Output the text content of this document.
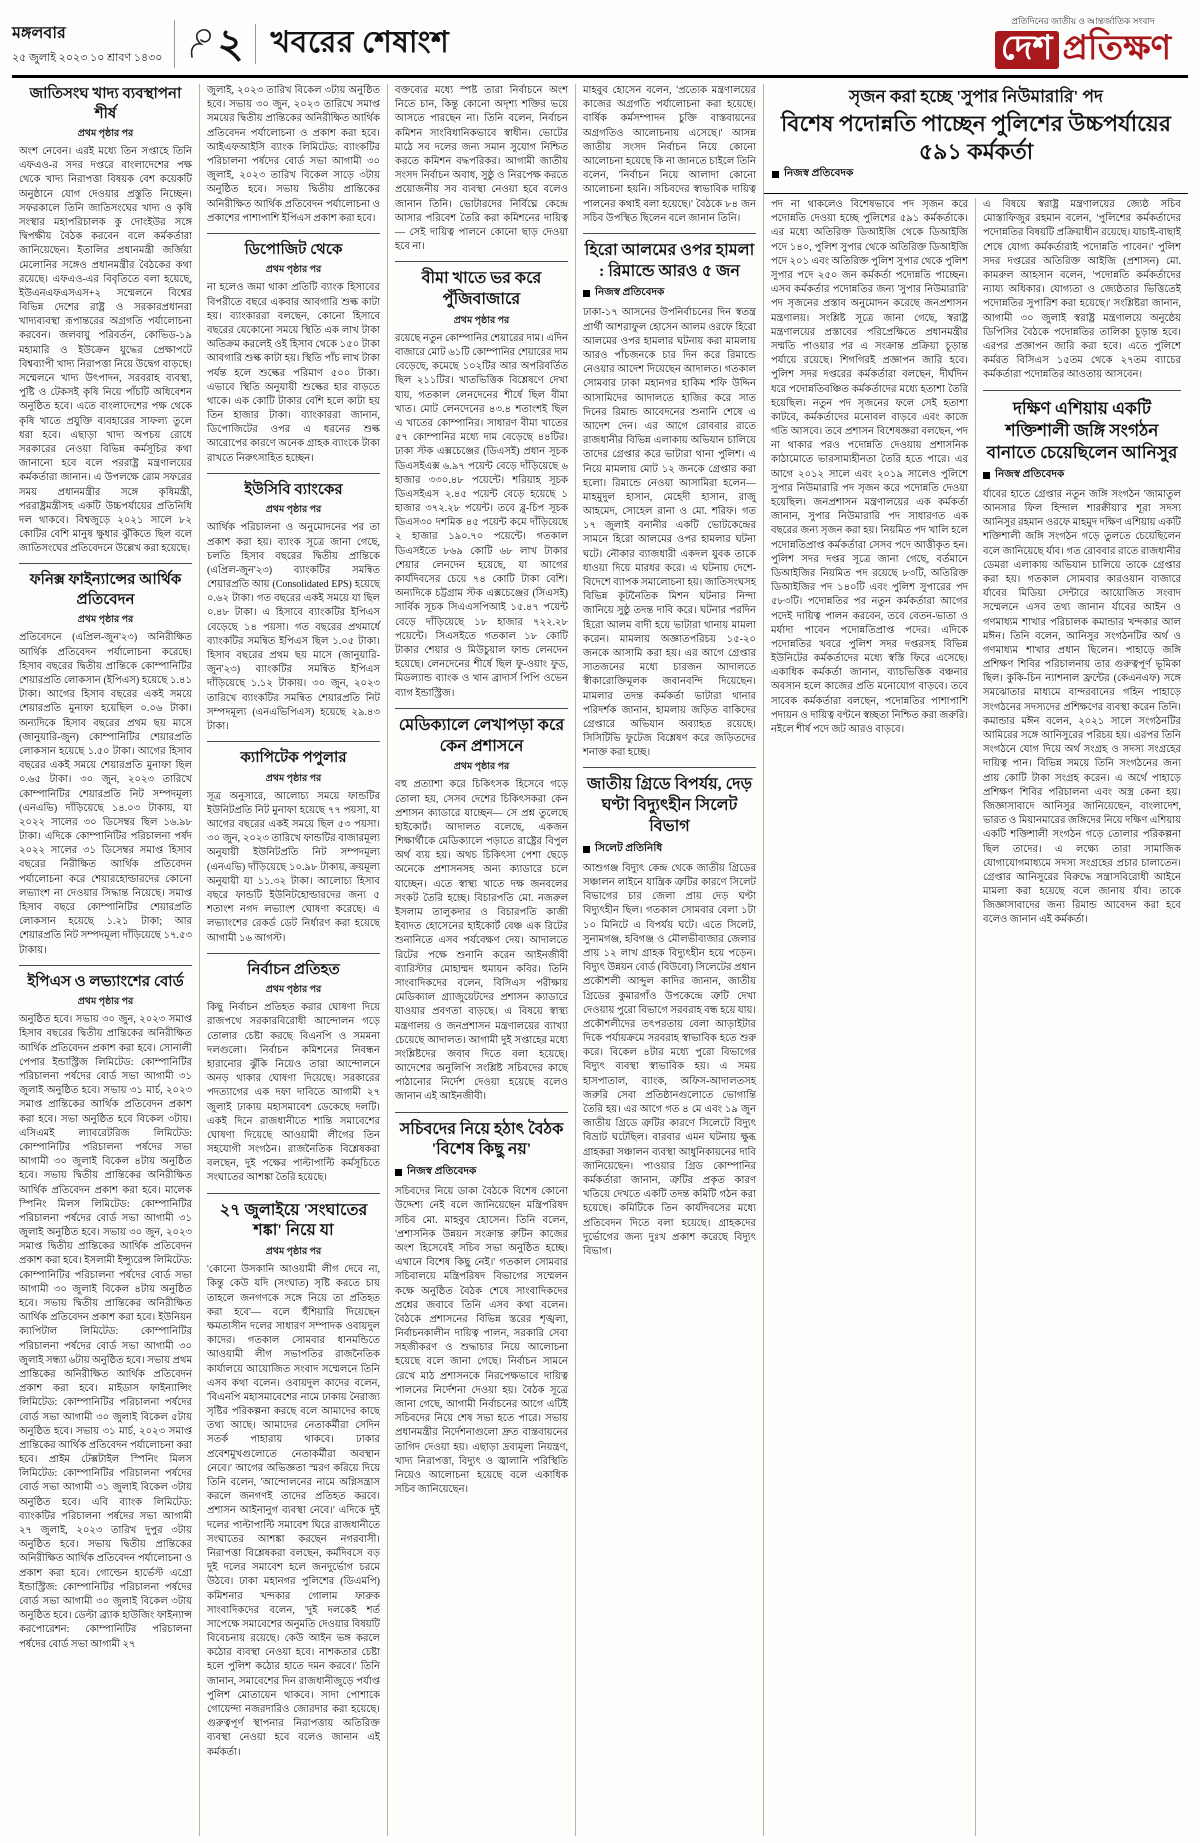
মঙ্গলবার
২৫ জুলাই ২০২৩ ১০ শ্রাবণ ১৪৩০ ২ খবরের শেষাংশ
প্রতিদিনের জাতীয় ও আন্তর্জাতিক সংবাদ
দেশ প্রতিক্ষণ
জাতিসংঘ খাদ্য ব্যবস্থাপনা শীর্ষ
প্রথম পৃষ্ঠার পর
অংশ নেবেন। এরই মধ্যে তিন সপ্তাহে তিনি এফএও-র সদর দপ্তরে বাংলাদেশের পক্ষ থেকে খাদ্য নিরাপত্তা বিষয়ক বেশ কয়েকটি অনুষ্ঠানে যোগ দেওয়ার প্রস্তুতি নিচ্ছেন। সফরকালে তিনি জাতিসংঘের খাদ্য ও কৃষি সংস্থার মহাপরিচালক কু দোংইউর সঙ্গে দ্বিপক্ষীয় বৈঠক করবেন বলে কর্মকর্তারা জানিয়েছেন। ইতালির প্রধানমন্ত্রী জর্জিয়া মেলোনির সঙ্গেও প্রধানমন্ত্রীর বৈঠকের কথা রয়েছে। এফএও-এর বিবৃতিতে বলা হয়েছে, ইউএনএফএসএস+২ সম্মেলনে বিশ্বের বিভিন্ন দেশের রাষ্ট্র ও সরকারপ্রধানরা খাদ্যব্যবস্থা রূপান্তরের অগ্রগতি পর্যালোচনা করবেন। জলবায়ু পরিবর্তন, কোভিড-১৯ মহামারি ও ইউক্রেন যুদ্ধের প্রেক্ষাপটে বিশ্বব্যাপী খাদ্য নিরাপত্তা নিয়ে উদ্বেগ বাড়ছে। সম্মেলনে খাদ্য উৎপাদন, সরবরাহ ব্যবস্থা, পুষ্টি ও টেকসই কৃষি নিয়ে পাঁচটি অধিবেশন অনুষ্ঠিত হবে। এতে বাংলাদেশের পক্ষ থেকে কৃষি খাতে প্রযুক্তি ব্যবহারের সাফল্য তুলে ধরা হবে। এছাড়া খাদ্য অপচয় রোধে সরকারের নেওয়া বিভিন্ন কর্মসূচির কথা জানানো হবে বলে পররাষ্ট্র মন্ত্রণালয়ের কর্মকর্তারা জানান। এ উপলক্ষে রোম সফরের সময় প্রধানমন্ত্রীর সঙ্গে কৃষিমন্ত্রী, পররাষ্ট্রমন্ত্রীসহ একটি উচ্চপর্যায়ের প্রতিনিধি দল থাকবে। বিশ্বজুড়ে ২০২১ সালে ৮২ কোটির বেশি মানুষ ক্ষুধার ঝুঁকিতে ছিল বলে জাতিসংঘের প্রতিবেদনে উল্লেখ করা হয়েছে।
ফনিক্স ফাইন্যান্সের আর্থিক প্রতিবেদন
প্রথম পৃষ্ঠার পর
প্রতিবেদনে (এপ্রিল-জুন'২৩) অনিরীক্ষিত আর্থিক প্রতিবেদন পর্যালোচনা করেছে। হিসাব বছরের দ্বিতীয় প্রান্তিকে কোম্পানিটির শেয়ারপ্রতি লোকসান (ইপিএস) হয়েছে ১.৪১ টাকা। আগের হিসাব বছরের একই সময়ে শেয়ারপ্রতি মুনাফা হয়েছিল ০.০৬ টাকা। অন্যদিকে হিসাব বছরের প্রথম ছয় মাসে (জানুয়ারি-জুন) কোম্পানিটির শেয়ারপ্রতি লোকসান হয়েছে ১.৫০ টাকা। আগের হিসাব বছরের একই সময়ে শেয়ারপ্রতি মুনাফা ছিল ০.৬৫ টাকা। ৩০ জুন, ২০২৩ তারিখে কোম্পানিটির শেয়ারপ্রতি নিট সম্পদমূল্য (এনএভি) দাঁড়িয়েছে ১৪.০৩ টাকায়, যা ২০২২ সালের ৩০ ডিসেম্বর ছিল ১৬.৯৮ টাকা। এদিকে কোম্পানিটির পরিচালনা পর্ষদ ২০২২ সালের ৩১ ডিসেম্বর সমাপ্ত হিসাব বছরের নিরীক্ষিত আর্থিক প্রতিবেদন পর্যালোচনা করে শেয়ারহোল্ডারদের কোনো লভ্যাংশ না দেওয়ার সিদ্ধান্ত নিয়েছে। সমাপ্ত হিসাব বছরে কোম্পানিটির শেয়ারপ্রতি লোকসান হয়েছে ১.২১ টাকা; আর শেয়ারপ্রতি নিট সম্পদমূল্য দাঁড়িয়েছে ১৭.৫৩ টাকায়।
ইপিএস ও লভ্যাংশের বোর্ড
প্রথম পৃষ্ঠার পর
অনুষ্ঠিত হবে। সভায় ৩০ জুন, ২০২৩ সমাপ্ত হিসাব বছরের দ্বিতীয় প্রান্তিকের অনিরীক্ষিত আর্থিক প্রতিবেদন প্রকাশ করা হবে। সোনালী পেপার ইন্ডাস্ট্রিজ লিমিটেড: কোম্পানিটির পরিচালনা পর্ষদের বোর্ড সভা আগামী ৩১ জুলাই অনুষ্ঠিত হবে। সভায় ৩১ মার্চ, ২০২৩ সমাপ্ত প্রান্তিকের আর্থিক প্রতিবেদন প্রকাশ করা হবে। সভা অনুষ্ঠিত হবে বিকেল ৩টায়। এসিএমই ল্যাবরেটরিজ লিমিটেড: কোম্পানিটির পরিচালনা পর্ষদের সভা আগামী ৩০ জুলাই বিকেল ৪টায় অনুষ্ঠিত হবে। সভায় দ্বিতীয় প্রান্তিকের অনিরীক্ষিত আর্থিক প্রতিবেদন প্রকাশ করা হবে। মালেক স্পিনিং মিলস লিমিটেড: কোম্পানিটির পরিচালনা পর্ষদের বোর্ড সভা আগামী ৩১ জুলাই অনুষ্ঠিত হবে। সভায় ৩০ জুন, ২০২৩ সমাপ্ত দ্বিতীয় প্রান্তিকের আর্থিক প্রতিবেদন প্রকাশ করা হবে। ইসলামী ইন্স্যুরেন্স লিমিটেড: কোম্পানিটির পরিচালনা পর্ষদের বোর্ড সভা আগামী ৩০ জুলাই বিকেল ৪টায় অনুষ্ঠিত হবে। সভায় দ্বিতীয় প্রান্তিকের অনিরীক্ষিত আর্থিক প্রতিবেদন প্রকাশ করা হবে। ইউনিয়ন ক্যাপিটাল লিমিটেড: কোম্পানিটির পরিচালনা পর্ষদের বোর্ড সভা আগামী ৩০ জুলাই সন্ধ্যা ৬টায় অনুষ্ঠিত হবে। সভায় প্রথম প্রান্তিকের অনিরীক্ষিত আর্থিক প্রতিবেদন প্রকাশ করা হবে। মাইডাস ফাইন্যান্সিং লিমিটেড: কোম্পানিটির পরিচালনা পর্ষদের বোর্ড সভা আগামী ৩০ জুলাই বিকেল ৫টায় অনুষ্ঠিত হবে। সভায় ৩১ মার্চ, ২০২৩ সমাপ্ত প্রান্তিকের আর্থিক প্রতিবেদন পর্যালোচনা করা হবে। প্রাইম টেক্সটাইল স্পিনিং মিলস লিমিটেড: কোম্পানিটির পরিচালনা পর্ষদের বোর্ড সভা আগামী ৩১ জুলাই বিকেল ৩টায় অনুষ্ঠিত হবে। এবি ব্যাংক লিমিটেড: ব্যাংকটির পরিচালনা পর্ষদের সভা আগামী ২৭ জুলাই, ২০২৩ তারিখ দুপুর ৩টায় অনুষ্ঠিত হবে। সভায় দ্বিতীয় প্রান্তিকের অনিরীক্ষিত আর্থিক প্রতিবেদন পর্যালোচনা ও প্রকাশ করা হবে। গোল্ডেন হার্ভেস্ট এগ্রো ইন্ডাস্ট্রিজ: কোম্পানিটির পরিচালনা পর্ষদের বোর্ড সভা আগামী ৩০ জুলাই বিকেল ৩টায় অনুষ্ঠিত হবে। ডেল্টা ব্র্যাক হাউজিং ফাইন্যান্স করপোরেশন: কোম্পানিটির পরিচালনা পর্ষদের বোর্ড সভা আগামী ২৭
জুলাই, ২০২৩ তারিখ বিকেল ৩টায় অনুষ্ঠিত হবে। সভায় ৩০ জুন, ২০২৩ তারিখে সমাপ্ত সময়ের দ্বিতীয় প্রান্তিকের অনিরীক্ষিত আর্থিক প্রতিবেদন পর্যালোচনা ও প্রকাশ করা হবে। আইএফআইসি ব্যাংক লিমিটেড: ব্যাংকটির পরিচালনা পর্ষদের বোর্ড সভা আগামী ৩০ জুলাই, ২০২৩ তারিখ বিকেল সাড়ে ৩টায় অনুষ্ঠিত হবে। সভায় দ্বিতীয় প্রান্তিকের অনিরীক্ষিত আর্থিক প্রতিবেদন পর্যালোচনা ও প্রকাশের পাশাপাশি ইপিএস প্রকাশ করা হবে।
ডিপোজিট থেকে
প্রথম পৃষ্ঠার পর
না হলেও জমা থাকা প্রতিটি ব্যাংক হিসাবের বিপরীতে বছরে একবার আবগারি শুল্ক কাটা হয়। ব্যাংকাররা বলছেন, কোনো হিসাবে বছরের যেকোনো সময়ে স্থিতি এক লাখ টাকা অতিক্রম করলেই ওই হিসাব থেকে ১৫০ টাকা আবগারি শুল্ক কাটা হয়। স্থিতি পাঁচ লাখ টাকা পর্যন্ত হলে শুল্কের পরিমাণ ৫০০ টাকা। এভাবে স্থিতি অনুযায়ী শুল্কের হার বাড়তে থাকে। এক কোটি টাকার বেশি হলে কাটা হয় তিন হাজার টাকা। ব্যাংকাররা জানান, ডিপোজিটের ওপর এ ধরনের শুল্ক আরোপের কারণে অনেক গ্রাহক ব্যাংকে টাকা রাখতে নিরুৎসাহিত হচ্ছেন।
ইউসিবি ব্যাংকের
প্রথম পৃষ্ঠার পর
আর্থিক পরিচালনা ও অনুমোদনের পর তা প্রকাশ করা হয়। ব্যাংক সূত্রে জানা গেছে, চলতি হিসাব বছরের দ্বিতীয় প্রান্তিকে (এপ্রিল-জুন'২৩) ব্যাংকটির সমন্বিত শেয়ারপ্রতি আয় (Consolidated EPS) হয়েছে ০.৬২ টাকা। গত বছরের একই সময়ে যা ছিল ০.৪৮ টাকা। এ হিসাবে ব্যাংকটির ইপিএস বেড়েছে ১৪ পয়সা। গত বছরের প্রথমার্ধে ব্যাংকটির সমন্বিত ইপিএস ছিল ১.০৫ টাকা। হিসাব বছরের প্রথম ছয় মাসে (জানুয়ারি-জুন'২৩) ব্যাংকটির সমন্বিত ইপিএস দাঁড়িয়েছে ১.১২ টাকায়। ৩০ জুন, ২০২৩ তারিখে ব্যাংকটির সমন্বিত শেয়ারপ্রতি নিট সম্পদমূল্য (এনএভিপিএস) হয়েছে ২৯.৪৩ টাকা।
ক্যাপিটেক পপুলার
প্রথম পৃষ্ঠার পর
সূত্র অনুসারে, আলোচ্য সময়ে ফান্ডটির ইউনিটপ্রতি নিট মুনাফা হয়েছে ৭৭ পয়সা, যা আগের বছরের একই সময়ে ছিল ৫৩ পয়সা। ৩০ জুন, ২০২৩ তারিখে ফান্ডটির বাজারমূল্য অনুযায়ী ইউনিটপ্রতি নিট সম্পদমূল্য (এনএভি) দাঁড়িয়েছে ১০.৯৮ টাকায়, ক্রয়মূল্য অনুযায়ী যা ১১.৩২ টাকা। আলোচ্য হিসাব বছরে ফান্ডটি ইউনিটহোল্ডারদের জন্য ৫ শতাংশ নগদ লভ্যাংশ ঘোষণা করেছে। এ লভ্যাংশের রেকর্ড ডেট নির্ধারণ করা হয়েছে আগামী ১৬ আগস্ট।
নির্বাচন প্রতিহত
প্রথম পৃষ্ঠার পর
কিছু নির্বাচন প্রতিহত করার ঘোষণা দিয়ে রাজপথে সরকারবিরোধী আন্দোলন গড়ে তোলার চেষ্টা করছে বিএনপি ও সমমনা দলগুলো। নির্বাচন কমিশনের নিবন্ধন হারানোর ঝুঁকি নিয়েও তারা আন্দোলনে অনড় থাকার ঘোষণা দিয়েছে। সরকারের পদত্যাগের এক দফা দাবিতে আগামী ২৭ জুলাই ঢাকায় মহাসমাবেশ ডেকেছে দলটি। একই দিনে রাজধানীতে শান্তি সমাবেশের ঘোষণা দিয়েছে আওয়ামী লীগের তিন সহযোগী সংগঠন। রাজনৈতিক বিশ্লেষকরা বলছেন, দুই পক্ষের পাল্টাপাল্টি কর্মসূচিতে সংঘাতের আশঙ্কা তৈরি হয়েছে।
২৭ জুলাইয়ে 'সংঘাতের শঙ্কা' নিয়ে যা
প্রথম পৃষ্ঠার পর
'কোনো উসকানি আওয়ামী লীগ দেবে না, কিন্তু কেউ যদি (সংঘাত) সৃষ্টি করতে চায় তাহলে জনগণকে সঙ্গে নিয়ে তা প্রতিহত করা হবে'— বলে হুঁশিয়ারি দিয়েছেন ক্ষমতাসীন দলের সাধারণ সম্পাদক ওবায়দুল কাদের। গতকাল সোমবার ধানমন্ডিতে আওয়ামী লীগ সভাপতির রাজনৈতিক কার্যালয়ে আয়োজিত সংবাদ সম্মেলনে তিনি এসব কথা বলেন। ওবায়দুল কাদের বলেন, 'বিএনপি মহাসমাবেশের নামে ঢাকায় নৈরাজ্য সৃষ্টির পরিকল্পনা করছে বলে আমাদের কাছে তথ্য আছে। আমাদের নেতাকর্মীরা সেদিন সতর্ক পাহারায় থাকবে। ঢাকার প্রবেশমুখগুলোতে নেতাকর্মীরা অবস্থান নেবে।' আগের অভিজ্ঞতা স্মরণ করিয়ে দিয়ে তিনি বলেন, 'আন্দোলনের নামে অগ্নিসন্ত্রাস করলে জনগণই তাদের প্রতিহত করবে। প্রশাসন আইনানুগ ব্যবস্থা নেবে।' এদিকে দুই দলের পাল্টাপাল্টি সমাবেশ ঘিরে রাজধানীতে সংঘাতের আশঙ্কা করছেন নগরবাসী। নিরাপত্তা বিশ্লেষকরা বলছেন, কর্মদিবসে বড় দুই দলের সমাবেশ হলে জনদুর্ভোগ চরমে উঠবে। ঢাকা মহানগর পুলিশের (ডিএমপি) কমিশনার খন্দকার গোলাম ফারুক সাংবাদিকদের বলেন, 'দুই দলকেই শর্ত সাপেক্ষে সমাবেশের অনুমতি দেওয়ার বিষয়টি বিবেচনায় রয়েছে। কেউ আইন ভঙ্গ করলে কঠোর ব্যবস্থা নেওয়া হবে। নাশকতার চেষ্টা হলে পুলিশ কঠোর হাতে দমন করবে।' তিনি জানান, সমাবেশের দিন রাজধানীজুড়ে পর্যাপ্ত পুলিশ মোতায়েন থাকবে। সাদা পোশাকে গোয়েন্দা নজরদারিও জোরদার করা হয়েছে। গুরুত্বপূর্ণ স্থাপনার নিরাপত্তায় অতিরিক্ত ব্যবস্থা নেওয়া হবে বলেও জানান এই কর্মকর্তা।
বক্তব্যের মধ্যে স্পষ্ট তারা নির্বাচনে অংশ নিতে চান, কিন্তু কোনো অদৃশ্য শক্তির ভয়ে আসতে পারছেন না। তিনি বলেন, নির্বাচন কমিশন সাংবিধানিকভাবে স্বাধীন। ভোটের মাঠে সব দলের জন্য সমান সুযোগ নিশ্চিত করতে কমিশন বদ্ধপরিকর। আগামী জাতীয় সংসদ নির্বাচন অবাধ, সুষ্ঠু ও নিরপেক্ষ করতে প্রয়োজনীয় সব ব্যবস্থা নেওয়া হবে বলেও জানান তিনি। ভোটারদের নির্বিঘ্নে কেন্দ্রে আসার পরিবেশ তৈরি করা কমিশনের দায়িত্ব— সেই দায়িত্ব পালনে কোনো ছাড় দেওয়া হবে না।
বীমা খাতে ভর করে পুঁজিবাজারে
প্রথম পৃষ্ঠার পর
রয়েছে নতুন কোম্পানির শেয়ারের দাম। এদিন বাজারে মোট ৬১টি কোম্পানির শেয়ারের দাম বেড়েছে, কমেছে ১০২টির আর অপরিবর্তিত ছিল ২১১টির। খাতভিত্তিক বিশ্লেষণে দেখা যায়, গতকাল লেনদেনের শীর্ষে ছিল বীমা খাত। মোট লেনদেনের ৪৩.৪ শতাংশই ছিল এ খাতের কোম্পানির। সাধারণ বীমা খাতের ৫৭ কোম্পানির মধ্যে দাম বেড়েছে ৪৪টির। ঢাকা স্টক এক্সচেঞ্জের (ডিএসই) প্রধান সূচক ডিএসইএক্স ৬.৯৭ পয়েন্ট বেড়ে দাঁড়িয়েছে ৬ হাজার ৩৩০.৪৮ পয়েন্টে। শরিয়াহ সূচক ডিএসইএস ২.৪৫ পয়েন্ট বেড়ে হয়েছে ১ হাজার ৩৭২.২৮ পয়েন্ট। তবে ব্লু-চিপ সূচক ডিএস৩০ দশমিক ৪৫ পয়েন্ট কমে দাঁড়িয়েছে ২ হাজার ১৯০.৭০ পয়েন্টে। গতকাল ডিএসইতে ৮৬৯ কোটি ৬৮ লাখ টাকার শেয়ার লেনদেন হয়েছে, যা আগের কার্যদিবসের চেয়ে ৭৪ কোটি টাকা বেশি। অন্যদিকে চট্টগ্রাম স্টক এক্সচেঞ্জের (সিএসই) সার্বিক সূচক সিএএসপিআই ১৫.৪৭ পয়েন্ট বেড়ে দাঁড়িয়েছে ১৮ হাজার ৭২২.২৮ পয়েন্টে। সিএসইতে গতকাল ১৮ কোটি টাকার শেয়ার ও মিউচুয়াল ফান্ড লেনদেন হয়েছে। লেনদেনের শীর্ষে ছিল ফু-ওয়াং ফুড, মিডল্যান্ড ব্যাংক ও খান ব্রাদার্স পিপি ওভেন ব্যাগ ইন্ডাস্ট্রিজ।
মেডিক্যালে লেখাপড়া করে কেন প্রশাসনে
প্রথম পৃষ্ঠার পর
বহু প্রত্যাশা করে চিকিৎসক হিসেবে গড়ে তোলা হয়, সেসব দেশের চিকিৎসকরা কেন প্রশাসন ক্যাডারে যাচ্ছেন— সে প্রশ্ন তুলেছে হাইকোর্ট। আদালত বলেছে, একজন শিক্ষার্থীকে মেডিক্যালে পড়াতে রাষ্ট্রের বিপুল অর্থ ব্যয় হয়। অথচ চিকিৎসা পেশা ছেড়ে অনেকে প্রশাসনসহ অন্য ক্যাডারে চলে যাচ্ছেন। এতে স্বাস্থ্য খাতে দক্ষ জনবলের সংকট তৈরি হচ্ছে। বিচারপতি মো. নজরুল ইসলাম তালুকদার ও বিচারপতি কাজী ইবাদত হোসেনের হাইকোর্ট বেঞ্চ এক রিটের শুনানিতে এসব পর্যবেক্ষণ দেয়। আদালতে রিটের পক্ষে শুনানি করেন আইনজীবী ব্যারিস্টার মোহাম্মদ হুমায়ন কবির। তিনি সাংবাদিকদের বলেন, বিসিএস পরীক্ষায় মেডিক্যাল গ্র্যাজুয়েটদের প্রশাসন ক্যাডারে যাওয়ার প্রবণতা বাড়ছে। এ বিষয়ে স্বাস্থ্য মন্ত্রণালয় ও জনপ্রশাসন মন্ত্রণালয়ের ব্যাখ্যা চেয়েছে আদালত। আগামী দুই সপ্তাহের মধ্যে সংশ্লিষ্টদের জবাব দিতে বলা হয়েছে। আদেশের অনুলিপি সংশ্লিষ্ট সচিবদের কাছে পাঠানোর নির্দেশ দেওয়া হয়েছে বলেও জানান এই আইনজীবী।
সচিবদের নিয়ে হঠাৎ বৈঠক 'বিশেষ কিছু নয়'
নিজস্ব প্রতিবেদক
সচিবদের নিয়ে ডাকা বৈঠকে বিশেষ কোনো উদ্দেশ্য নেই বলে জানিয়েছেন মন্ত্রিপরিষদ সচিব মো. মাহবুব হোসেন। তিনি বলেন, 'প্রশাসনিক উন্নয়ন সংক্রান্ত রুটিন কাজের অংশ হিসেবেই সচিব সভা অনুষ্ঠিত হচ্ছে। এখানে বিশেষ কিছু নেই।' গতকাল সোমবার সচিবালয়ে মন্ত্রিপরিষদ বিভাগের সম্মেলন কক্ষে অনুষ্ঠিত বৈঠক শেষে সাংবাদিকদের প্রশ্নের জবাবে তিনি এসব কথা বলেন। বৈঠকে প্রশাসনের বিভিন্ন স্তরের শৃঙ্খলা, নির্বাচনকালীন দায়িত্ব পালন, সরকারি সেবা সহজীকরণ ও শুদ্ধাচার নিয়ে আলোচনা হয়েছে বলে জানা গেছে। নির্বাচন সামনে রেখে মাঠ প্রশাসনকে নিরপেক্ষভাবে দায়িত্ব পালনের নির্দেশনা দেওয়া হয়। বৈঠক সূত্রে জানা গেছে, আগামী নির্বাচনের আগে এটিই সচিবদের নিয়ে শেষ সভা হতে পারে। সভায় প্রধানমন্ত্রীর নির্দেশনাগুলো দ্রুত বাস্তবায়নের তাগিদ দেওয়া হয়। এছাড়া দ্রব্যমূল্য নিয়ন্ত্রণ, খাদ্য নিরাপত্তা, বিদ্যুৎ ও জ্বালানি পরিস্থিতি নিয়েও আলোচনা হয়েছে বলে একাধিক সচিব জানিয়েছেন।
মাহবুব হোসেন বলেন, 'প্রত্যেক মন্ত্রণালয়ের কাজের অগ্রগতি পর্যালোচনা করা হয়েছে। বার্ষিক কর্মসম্পাদন চুক্তি বাস্তবায়নের অগ্রগতিও আলোচনায় এসেছে।' আসন্ন জাতীয় সংসদ নির্বাচন নিয়ে কোনো আলোচনা হয়েছে কি না জানতে চাইলে তিনি বলেন, 'নির্বাচন নিয়ে আলাদা কোনো আলোচনা হয়নি। সচিবদের স্বাভাবিক দায়িত্ব পালনের কথাই বলা হয়েছে।' বৈঠকে ৮৪ জন সচিব উপস্থিত ছিলেন বলে জানান তিনি।
হিরো আলমের ওপর হামলা : রিমান্ডে আরও ৫ জন
নিজস্ব প্রতিবেদক
ঢাকা-১৭ আসনের উপনির্বাচনের দিন স্বতন্ত্র প্রার্থী আশরাফুল হোসেন আলম ওরফে হিরো আলমের ওপর হামলার ঘটনায় করা মামলায় আরও পাঁচজনকে চার দিন করে রিমান্ডে নেওয়ার আদেশ দিয়েছেন আদালত। গতকাল সোমবার ঢাকা মহানগর হাকিম শফি উদ্দিন আসামিদের আদালতে হাজির করে সাত দিনের রিমান্ড আবেদনের শুনানি শেষে এ আদেশ দেন। এর আগে রোববার রাতে রাজধানীর বিভিন্ন এলাকায় অভিযান চালিয়ে তাদের গ্রেপ্তার করে ভাটারা থানা পুলিশ। এ নিয়ে মামলায় মোট ১২ জনকে গ্রেপ্তার করা হলো। রিমান্ডে নেওয়া আসামিরা হলেন— মাহমুদুল হাসান, মেহেদী হাসান, রাজু আহমেদ, সোহেল রানা ও মো. শরিফ। গত ১৭ জুলাই বনানীর একটি ভোটকেন্দ্রের সামনে হিরো আলমের ওপর হামলার ঘটনা ঘটে। নৌকার ব্যাজধারী একদল যুবক তাকে ধাওয়া দিয়ে মারধর করে। এ ঘটনায় দেশে-বিদেশে ব্যাপক সমালোচনা হয়। জাতিসংঘসহ বিভিন্ন কূটনৈতিক মিশন ঘটনার নিন্দা জানিয়ে সুষ্ঠু তদন্ত দাবি করে। ঘটনার পরদিন হিরো আলম বাদী হয়ে ভাটারা থানায় মামলা করেন। মামলায় অজ্ঞাতপরিচয় ১৫-২০ জনকে আসামি করা হয়। এর আগে গ্রেপ্তার সাতজনের মধ্যে চারজন আদালতে স্বীকারোক্তিমূলক জবানবন্দি দিয়েছেন। মামলার তদন্ত কর্মকর্তা ভাটারা থানার পরিদর্শক জানান, হামলায় জড়িত বাকিদের গ্রেপ্তারে অভিযান অব্যাহত রয়েছে। সিসিটিভি ফুটেজ বিশ্লেষণ করে জড়িতদের শনাক্ত করা হচ্ছে।
জাতীয় গ্রিডে বিপর্যয়, দেড় ঘণ্টা বিদ্যুৎহীন সিলেট বিভাগ
সিলেট প্রতিনিধি
আশুগঞ্জ বিদ্যুৎ কেন্দ্র থেকে জাতীয় গ্রিডের সঞ্চালন লাইনে যান্ত্রিক ত্রুটির কারণে সিলেট বিভাগের চার জেলা প্রায় দেড় ঘণ্টা বিদ্যুৎহীন ছিল। গতকাল সোমবার বেলা ১টা ১০ মিনিটে এ বিপর্যয় ঘটে। এতে সিলেট, সুনামগঞ্জ, হবিগঞ্জ ও মৌলভীবাজার জেলার প্রায় ১২ লাখ গ্রাহক বিদ্যুৎহীন হয়ে পড়েন। বিদ্যুৎ উন্নয়ন বোর্ড (বিউবো) সিলেটের প্রধান প্রকৌশলী আব্দুল কাদির জানান, জাতীয় গ্রিডের কুমারগাঁও উপকেন্দ্রে ত্রুটি দেখা দেওয়ায় পুরো বিভাগে সরবরাহ বন্ধ হয়ে যায়। প্রকৌশলীদের তৎপরতায় বেলা আড়াইটার দিকে পর্যায়ক্রমে সরবরাহ স্বাভাবিক হতে শুরু করে। বিকেল ৪টার মধ্যে পুরো বিভাগের বিদ্যুৎ ব্যবস্থা স্বাভাবিক হয়। এ সময় হাসপাতাল, ব্যাংক, অফিস-আদালতসহ জরুরি সেবা প্রতিষ্ঠানগুলোতে ভোগান্তি তৈরি হয়। এর আগে গত ৪ মে এবং ১৯ জুন জাতীয় গ্রিডে ত্রুটির কারণে সিলেটে বিদ্যুৎ বিভ্রাট ঘটেছিল। বারবার এমন ঘটনায় ক্ষুব্ধ গ্রাহকরা সঞ্চালন ব্যবস্থা আধুনিকায়নের দাবি জানিয়েছেন। পাওয়ার গ্রিড কোম্পানির কর্মকর্তারা জানান, ত্রুটির প্রকৃত কারণ খতিয়ে দেখতে একটি তদন্ত কমিটি গঠন করা হয়েছে। কমিটিকে তিন কার্যদিবসের মধ্যে প্রতিবেদন দিতে বলা হয়েছে। গ্রাহকদের দুর্ভোগের জন্য দুঃখ প্রকাশ করেছে বিদ্যুৎ বিভাগ।
সৃজন করা হচ্ছে 'সুপার নিউমারারি' পদ
বিশেষ পদোন্নতি পাচ্ছেন পুলিশের উচ্চপর্যায়ের ৫৯১ কর্মকর্তা
নিজস্ব প্রতিবেদক
পদ না থাকলেও বিশেষভাবে পদ সৃজন করে পদোন্নতি দেওয়া হচ্ছে পুলিশের ৫৯১ কর্মকর্তাকে। এর মধ্যে অতিরিক্ত ডিআইজি থেকে ডিআইজি পদে ১৪০, পুলিশ সুপার থেকে অতিরিক্ত ডিআইজি পদে ২০১ এবং অতিরিক্ত পুলিশ সুপার থেকে পুলিশ সুপার পদে ২৫০ জন কর্মকর্তা পদোন্নতি পাচ্ছেন। এসব কর্মকর্তার পদোন্নতির জন্য 'সুপার নিউমারারি' পদ সৃজনের প্রস্তাব অনুমোদন করেছে জনপ্রশাসন মন্ত্রণালয়। সংশ্লিষ্ট সূত্রে জানা গেছে, স্বরাষ্ট্র মন্ত্রণালয়ের প্রস্তাবের পরিপ্রেক্ষিতে প্রধানমন্ত্রীর সম্মতি পাওয়ার পর এ সংক্রান্ত প্রক্রিয়া চূড়ান্ত পর্যায়ে রয়েছে। শিগগিরই প্রজ্ঞাপন জারি হবে। পুলিশ সদর দপ্তরের কর্মকর্তারা বলছেন, দীর্ঘদিন ধরে পদোন্নতিবঞ্চিত কর্মকর্তাদের মধ্যে হতাশা তৈরি হয়েছিল। নতুন পদ সৃজনের ফলে সেই হতাশা কাটবে, কর্মকর্তাদের মনোবল বাড়বে এবং কাজে গতি আসবে। তবে প্রশাসন বিশেষজ্ঞরা বলছেন, পদ না থাকার পরও পদোন্নতি দেওয়ায় প্রশাসনিক কাঠামোতে ভারসাম্যহীনতা তৈরি হতে পারে। এর আগে ২০১২ সালে এবং ২০১৯ সালেও পুলিশে সুপার নিউমারারি পদ সৃজন করে পদোন্নতি দেওয়া হয়েছিল। জনপ্রশাসন মন্ত্রণালয়ের এক কর্মকর্তা জানান, সুপার নিউমারারি পদ সাধারণত এক বছরের জন্য সৃজন করা হয়। নিয়মিত পদ খালি হলে পদোন্নতিপ্রাপ্ত কর্মকর্তারা সেসব পদে আত্তীকৃত হন। পুলিশ সদর দপ্তর সূত্রে জানা গেছে, বর্তমানে ডিআইজির নিয়মিত পদ রয়েছে ৮৩টি, অতিরিক্ত ডিআইজির পদ ১৪০টি এবং পুলিশ সুপারের পদ ৫৮৩টি। পদোন্নতির পর নতুন কর্মকর্তারা আগের পদেই দায়িত্ব পালন করবেন, তবে বেতন-ভাতা ও মর্যাদা পাবেন পদোন্নতিপ্রাপ্ত পদের। এদিকে পদোন্নতির খবরে পুলিশ সদর দপ্তরসহ বিভিন্ন ইউনিটের কর্মকর্তাদের মধ্যে স্বস্তি ফিরে এসেছে। একাধিক কর্মকর্তা জানান, ব্যাচভিত্তিক বঞ্চনার অবসান হলে কাজের প্রতি মনোযোগ বাড়বে। তবে সাবেক কর্মকর্তারা বলছেন, পদোন্নতির পাশাপাশি পদায়ন ও দায়িত্ব বণ্টনে স্বচ্ছতা নিশ্চিত করা জরুরি। নইলে শীর্ষ পদে জট আরও বাড়বে।
এ বিষয়ে স্বরাষ্ট্র মন্ত্রণালয়ের জ্যেষ্ঠ সচিব মোস্তাফিজুর রহমান বলেন, 'পুলিশের কর্মকর্তাদের পদোন্নতির বিষয়টি প্রক্রিয়াধীন রয়েছে। যাচাই-বাছাই শেষে যোগ্য কর্মকর্তারাই পদোন্নতি পাবেন।' পুলিশ সদর দপ্তরের অতিরিক্ত আইজি (প্রশাসন) মো. কামরুল আহসান বলেন, 'পদোন্নতি কর্মকর্তাদের ন্যায্য অধিকার। যোগ্যতা ও জ্যেষ্ঠতার ভিত্তিতেই পদোন্নতির সুপারিশ করা হয়েছে।' সংশ্লিষ্টরা জানান, আগামী ৩০ জুলাই স্বরাষ্ট্র মন্ত্রণালয়ে অনুষ্ঠেয় ডিপিসির বৈঠকে পদোন্নতির তালিকা চূড়ান্ত হবে। এরপর প্রজ্ঞাপন জারি করা হবে। এতে পুলিশে কর্মরত বিসিএস ১৫তম থেকে ২৭তম ব্যাচের কর্মকর্তারা পদোন্নতির আওতায় আসবেন।
দক্ষিণ এশিয়ায় একটি শক্তিশালী জঙ্গি সংগঠন বানাতে চেয়েছিলেন আনিসুর
নিজস্ব প্রতিবেদক
র্যাবের হাতে গ্রেপ্তার নতুন জঙ্গি সংগঠন 'জামাতুল আনসার ফিল হিন্দাল শারক্বীয়া'র শূরা সদস্য আনিসুর রহমান ওরফে মাহমুদ দক্ষিণ এশিয়ায় একটি শক্তিশালী জঙ্গি সংগঠন গড়ে তুলতে চেয়েছিলেন বলে জানিয়েছে র্যাব। গত রোববার রাতে রাজধানীর ডেমরা এলাকায় অভিযান চালিয়ে তাকে গ্রেপ্তার করা হয়। গতকাল সোমবার কারওয়ান বাজারে র্যাবের মিডিয়া সেন্টারে আয়োজিত সংবাদ সম্মেলনে এসব তথ্য জানান র্যাবের আইন ও গণমাধ্যম শাখার পরিচালক কমান্ডার খন্দকার আল মঈন। তিনি বলেন, আনিসুর সংগঠনটির অর্থ ও গণমাধ্যম শাখার প্রধান ছিলেন। পাহাড়ে জঙ্গি প্রশিক্ষণ শিবির পরিচালনায় তার গুরুত্বপূর্ণ ভূমিকা ছিল। কুকি-চিন ন্যাশনাল ফ্রন্টের (কেএনএফ) সঙ্গে সমঝোতার মাধ্যমে বান্দরবানের গহিন পাহাড়ে সংগঠনের সদস্যদের প্রশিক্ষণের ব্যবস্থা করেন তিনি। কমান্ডার মঈন বলেন, ২০২১ সালে সংগঠনটির আমিরের সঙ্গে আনিসুরের পরিচয় হয়। এরপর তিনি সংগঠনে যোগ দিয়ে অর্থ সংগ্রহ ও সদস্য সংগ্রহের দায়িত্ব পান। বিভিন্ন সময়ে তিনি সংগঠনের জন্য প্রায় কোটি টাকা সংগ্রহ করেন। এ অর্থে পাহাড়ে প্রশিক্ষণ শিবির পরিচালনা এবং অস্ত্র কেনা হয়। জিজ্ঞাসাবাদে আনিসুর জানিয়েছেন, বাংলাদেশ, ভারত ও মিয়ানমারের জঙ্গিদের নিয়ে দক্ষিণ এশিয়ায় একটি শক্তিশালী সংগঠন গড়ে তোলার পরিকল্পনা ছিল তাদের। এ লক্ষ্যে তারা সামাজিক যোগাযোগমাধ্যমে সদস্য সংগ্রহের প্রচার চালাতেন। গ্রেপ্তার আনিসুরের বিরুদ্ধে সন্ত্রাসবিরোধী আইনে মামলা করা হয়েছে বলে জানায় র্যাব। তাকে জিজ্ঞাসাবাদের জন্য রিমান্ড আবেদন করা হবে বলেও জানান এই কর্মকর্তা।
